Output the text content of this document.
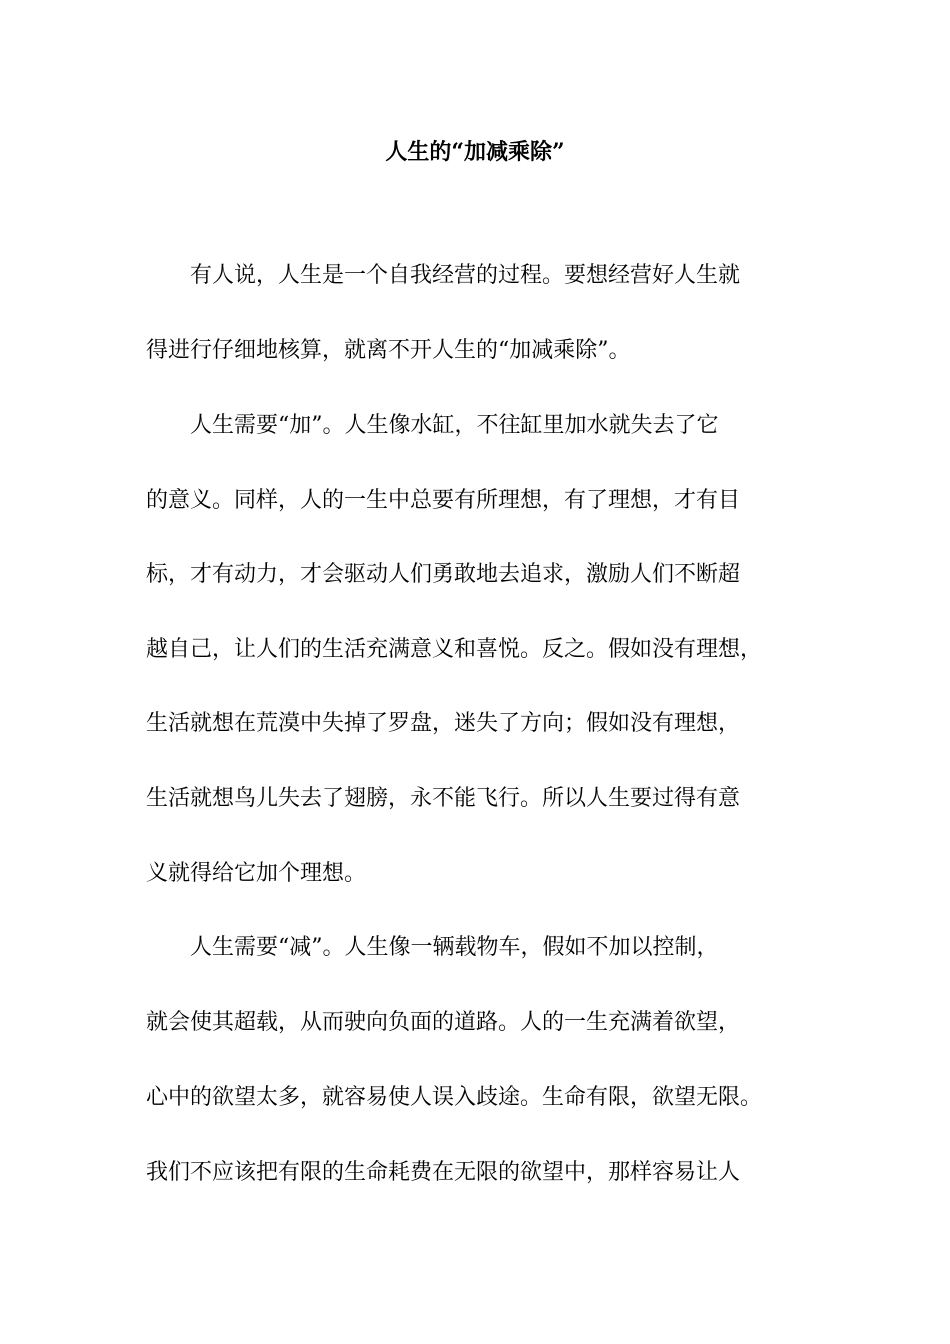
人生的“加减乘除”
　　有人说，人生是一个自我经营的过程。要想经营好人生就
得进行仔细地核算，就离不开人生的“加减乘除”。
　　人生需要“加”。人生像水缸，不往缸里加水就失去了它
的意义。同样，人的一生中总要有所理想，有了理想，才有目
标，才有动力，才会驱动人们勇敢地去追求，激励人们不断超
越自己，让人们的生活充满意义和喜悦。反之。假如没有理想，
生活就想在荒漠中失掉了罗盘，迷失了方向；假如没有理想，
生活就想鸟儿失去了翅膀，永不能飞行。所以人生要过得有意
义就得给它加个理想。
　　人生需要“减”。人生像一辆载物车，假如不加以控制，
就会使其超载，从而驶向负面的道路。人的一生充满着欲望，
心中的欲望太多，就容易使人误入歧途。生命有限，欲望无限。
我们不应该把有限的生命耗费在无限的欲望中，那样容易让人
